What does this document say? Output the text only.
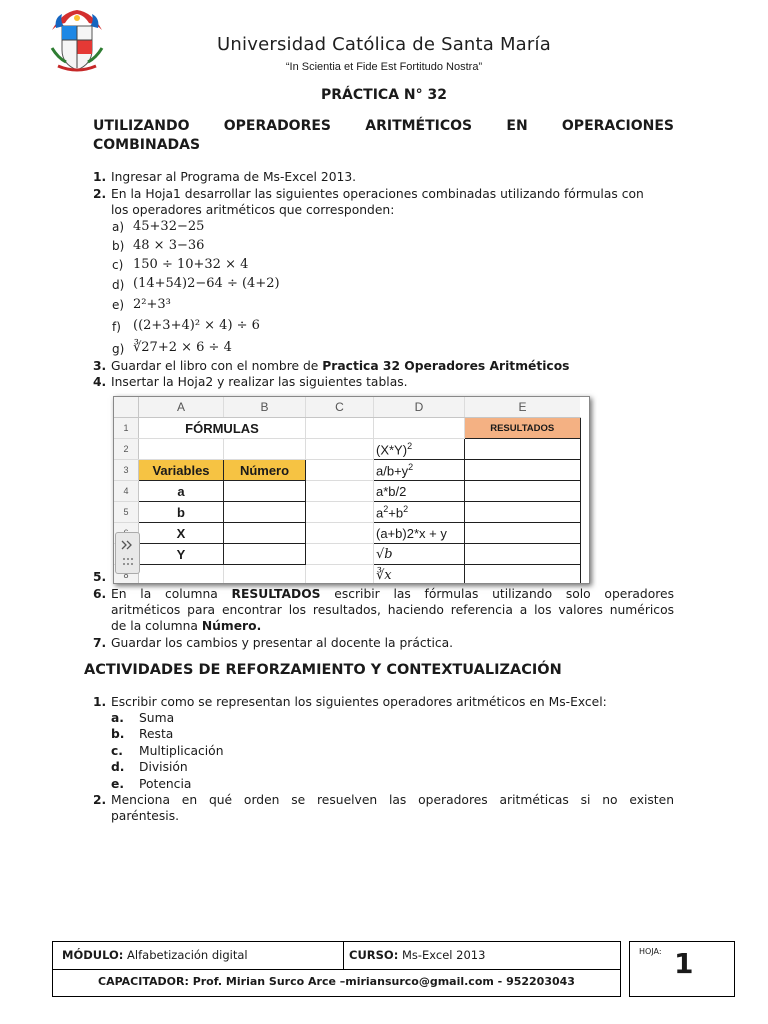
Universidad Católica de Santa María
“In Scientia et Fide Est Fortitudo Nostra”
PRÁCTICA N° 32
UTILIZANDO OPERADORES ARITMÉTICOS EN OPERACIONES
COMBINADAS
1. Ingresar al Programa de Ms-Excel 2013.
2. En la Hoja1 desarrollar las siguientes operaciones combinadas utilizando fórmulas con
los operadores aritméticos que corresponden:
a) 45+32−25
b) 48 × 3−36
c) 150 ÷ 10+32 × 4
d) (14+54)2−64 ÷ (4+2)
e) 2²+3³
f) ((2+3+4)² × 4) ÷ 6
g) ∛27+2 × 6 ÷ 4
3. Guardar el libro con el nombre de Practica 32 Operadores Aritméticos
4. Insertar la Hoja2 y realizar las siguientes tablas.
5.
6. En la columna RESULTADOS escribir las fórmulas utilizando solo operadores
aritméticos para encontrar los resultados, haciendo referencia a los valores numéricos
de la columna Número.
7. Guardar los cambios y presentar al docente la práctica.
	A	B	C	D	E
1	FÓRMULAS				RESULTADOS
2				$(X*Y)^2$	
3	Variables	Número		$a/b+y^2$	
4	a			a*b/2	
5	b			$a^2+b^2$	
	X			(a+b)2*x + y	
	Y			√b	
				∛x	

ACTIVIDADES DE REFORZAMIENTO Y CONTEXTUALIZACIÓN
1. Escribir como se representan los siguientes operadores aritméticos en Ms-Excel:
a. Suma
b. Resta
c. Multiplicación
d. División
e. Potencia
2. Menciona en qué orden se resuelven las operadores aritméticas si no existen
paréntesis.
MÓDULO: Alfabetización digital	CURSO: Ms-Excel 2013
CAPACITADOR: Prof. Mirian Surco Arce –miriansurco@gmail.com - 952203043
HOJA: 1
